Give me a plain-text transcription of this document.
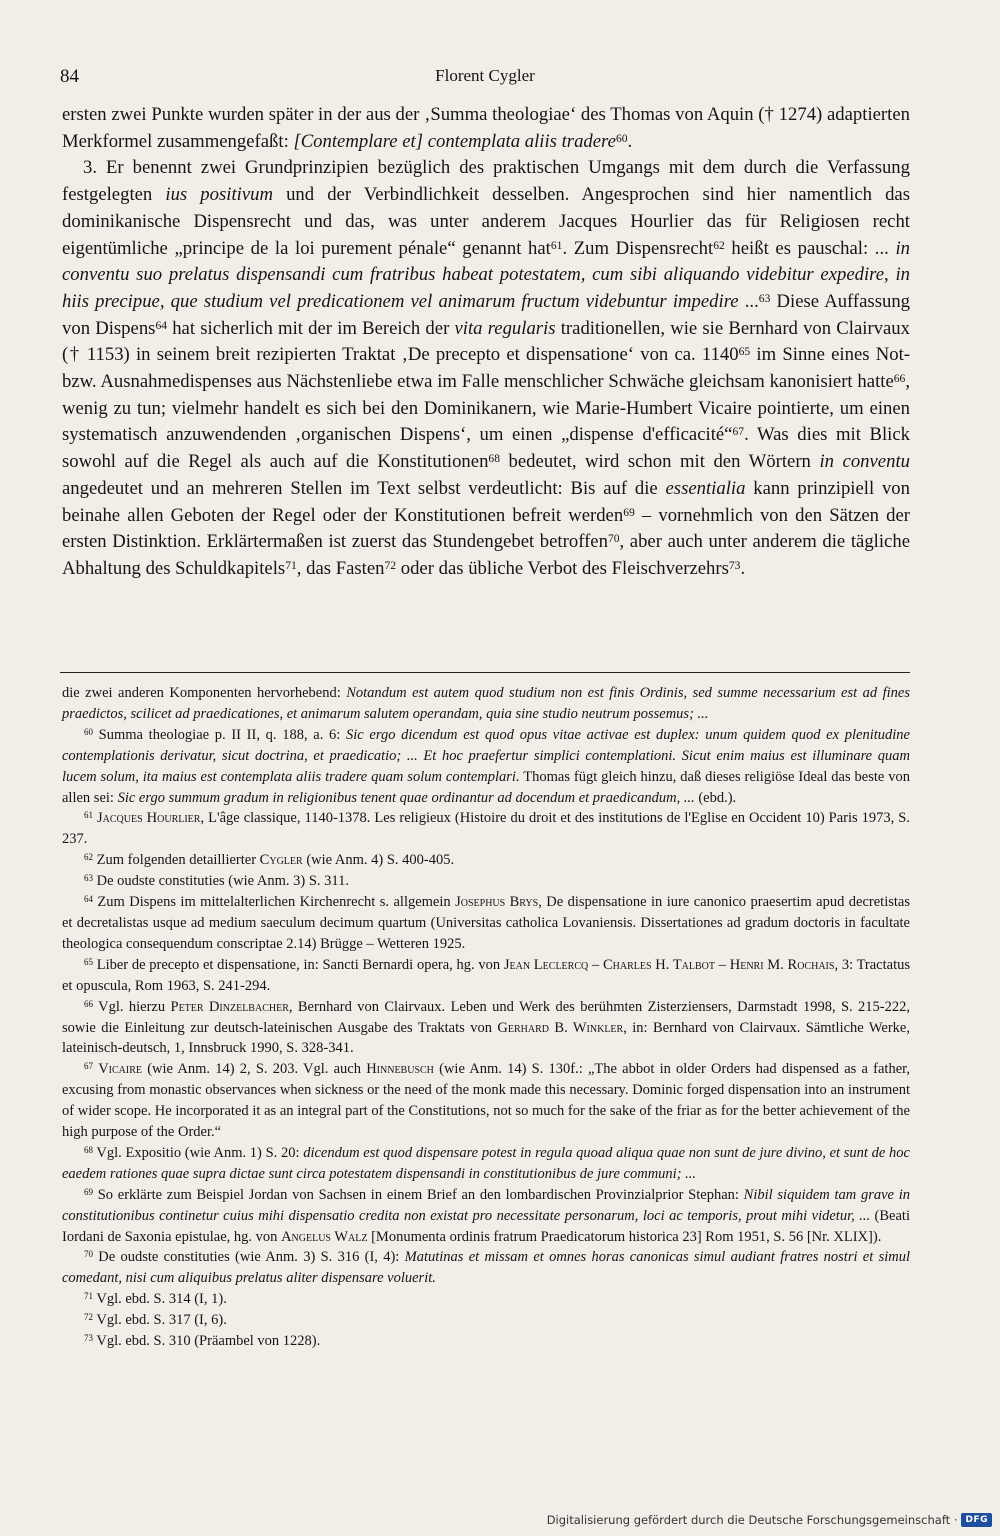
84	Florent Cygler

ersten zwei Punkte wurden später in der aus der ‚Summa theologiae‘ des Thomas von Aquin († 1274) adaptierten Merkformel zusammengefaßt: [Contemplare et] contemplata aliis tradere$^{60}$.

3. Er benennt zwei Grundprinzipien bezüglich des praktischen Umgangs mit dem durch die Verfassung festgelegten ius positivum und der Verbindlichkeit desselben. Angesprochen sind hier namentlich das dominikanische Dispensrecht und das, was unter anderem Jacques Hourlier das für Religiosen recht eigentümliche „principe de la loi purement pénale“ genannt hat$^{61}$. Zum Dispensrecht$^{62}$ heißt es pauschal: ... in conventu suo prelatus dispensandi cum fratribus habeat potestatem, cum sibi aliquando videbitur expedire, in hiis precipue, que studium vel predicationem vel animarum fructum videbuntur impedire ...$^{63}$ Diese Auffassung von Dispens$^{64}$ hat sicherlich mit der im Bereich der vita regularis traditionellen, wie sie Bernhard von Clairvaux († 1153) in seinem breit rezipierten Traktat ‚De precepto et dispensatione‘ von ca. 1140$^{65}$ im Sinne eines Not- bzw. Ausnahmedispenses aus Nächstenliebe etwa im Falle menschlicher Schwäche gleichsam kanonisiert hatte$^{66}$, wenig zu tun; vielmehr handelt es sich bei den Dominikanern, wie Marie-Humbert Vicaire pointierte, um einen systematisch anzuwendenden ‚organischen Dispens‘, um einen „dispense d'efficacité“$^{67}$. Was dies mit Blick sowohl auf die Regel als auch auf die Konstitutionen$^{68}$ bedeutet, wird schon mit den Wörtern in conventu angedeutet und an mehreren Stellen im Text selbst verdeutlicht: Bis auf die essentialia kann prinzipiell von beinahe allen Geboten der Regel oder der Konstitutionen befreit werden$^{69}$ – vornehmlich von den Sätzen der ersten Distinktion. Erklärtermaßen ist zuerst das Stundengebet betroffen$^{70}$, aber auch unter anderem die tägliche Abhaltung des Schuldkapitels$^{71}$, das Fasten$^{72}$ oder das übliche Verbot des Fleischverzehrs$^{73}$.

die zwei anderen Komponenten hervorhebend: Notandum est autem quod studium non est finis Ordinis, sed summe necessarium est ad fines praedictos, scilicet ad praedicationes, et animarum salutem operandam, quia sine studio neutrum possemus; ...

$^{60}$ Summa theologiae p. II II, q. 188, a. 6: Sic ergo dicendum est quod opus vitae activae est duplex: unum quidem quod ex plenitudine contemplationis derivatur, sicut doctrina, et praedicatio; ... Et hoc praefertur simplici contemplationi. Sicut enim maius est illuminare quam lucem solum, ita maius est contemplata aliis tradere quam solum contemplari. Thomas fügt gleich hinzu, daß dieses religiöse Ideal das beste von allen sei: Sic ergo summum gradum in religionibus tenent quae ordinantur ad docendum et praedicandum, ... (ebd.).

$^{61}$ Jacques Hourlier, L'âge classique, 1140-1378. Les religieux (Histoire du droit et des institutions de l'Eglise en Occident 10) Paris 1973, S. 237.

$^{62}$ Zum folgenden detaillierter Cygler (wie Anm. 4) S. 400-405.

$^{63}$ De oudste constituties (wie Anm. 3) S. 311.

$^{64}$ Zum Dispens im mittelalterlichen Kirchenrecht s. allgemein Josephus Brys, De dispensatione in iure canonico praesertim apud decretistas et decretalistas usque ad medium saeculum decimum quartum (Universitas catholica Lovaniensis. Dissertationes ad gradum doctoris in facultate theologica consequendum conscriptae 2.14) Brügge – Wetteren 1925.

$^{65}$ Liber de precepto et dispensatione, in: Sancti Bernardi opera, hg. von Jean Leclercq – Charles H. Talbot – Henri M. Rochais, 3: Tractatus et opuscula, Rom 1963, S. 241-294.

$^{66}$ Vgl. hierzu Peter Dinzelbacher, Bernhard von Clairvaux. Leben und Werk des berühmten Zisterziensers, Darmstadt 1998, S. 215-222, sowie die Einleitung zur deutsch-lateinischen Ausgabe des Traktats von Gerhard B. Winkler, in: Bernhard von Clairvaux. Sämtliche Werke, lateinisch-deutsch, 1, Innsbruck 1990, S. 328-341.

$^{67}$ Vicaire (wie Anm. 14) 2, S. 203. Vgl. auch Hinnebusch (wie Anm. 14) S. 130f.: „The abbot in older Orders had dispensed as a father, excusing from monastic observances when sickness or the need of the monk made this necessary. Dominic forged dispensation into an instrument of wider scope. He incorporated it as an integral part of the Constitutions, not so much for the sake of the friar as for the better achievement of the high purpose of the Order.“

$^{68}$ Vgl. Expositio (wie Anm. 1) S. 20: dicendum est quod dispensare potest in regula quoad aliqua quae non sunt de jure divino, et sunt de hoc eaedem rationes quae supra dictae sunt circa potestatem dispensandi in constitutionibus de jure communi; ...

$^{69}$ So erklärte zum Beispiel Jordan von Sachsen in einem Brief an den lombardischen Provinzialprior Stephan: Nibil siquidem tam grave in constitutionibus continetur cuius mihi dispensatio credita non existat pro necessitate personarum, loci ac temporis, prout mihi videtur, ... (Beati Iordani de Saxonia epistulae, hg. von Angelus Walz [Monumenta ordinis fratrum Praedicatorum historica 23] Rom 1951, S. 56 [Nr. XLIX]).

$^{70}$ De oudste constituties (wie Anm. 3) S. 316 (I, 4): Matutinas et missam et omnes horas canonicas simul audiant fratres nostri et simul comedant, nisi cum aliquibus prelatus aliter dispensare voluerit.

$^{71}$ Vgl. ebd. S. 314 (I, 1).

$^{72}$ Vgl. ebd. S. 317 (I, 6).

$^{73}$ Vgl. ebd. S. 310 (Präambel von 1228).

Digitalisierung gefördert durch die Deutsche Forschungsgemeinschaft · DFG
